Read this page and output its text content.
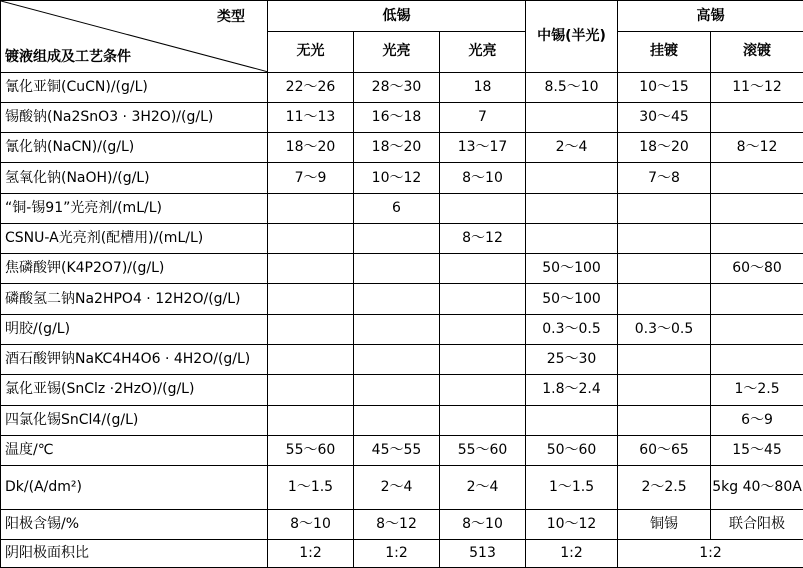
类型
镀液组成及工艺条件	低锡			中锡(半光)	高锡	
	无光	光亮	光亮		挂镀	滚镀
氰化亚铜(CuCN)/(g/L)	22～26	28～30	18	8.5～10	10～15	11～12
锡酸钠(Na2SnO3 · 3H2O)/(g/L)	11～13	16～18	7		30～45	
氰化钠(NaCN)/(g/L)	18～20	18～20	13～17	2～4	18～20	8～12
氢氧化钠(NaOH)/(g/L)	7～9	10～12	8～10		7～8	
“铜-锡91”光亮剂/(mL/L)		6				
CSNU-A光亮剂(配槽用)/(mL/L)			8～12			
焦磷酸钾(K4P2O7)/(g/L)				50～100		60～80
磷酸氢二钠Na2HPO4 · 12H2O/(g/L)				50～100		
明胶/(g/L)				0.3～0.5	0.3～0.5	
酒石酸钾钠NaKC4H4O6 · 4H2O/(g/L)				25～30		
氯化亚锡(SnClz ·2HzO)/(g/L)				1.8～2.4		1～2.5
四氯化锡SnCl4/(g/L)						6～9
温度/℃	55～60	45～55	55～60	50～60	60～65	15～45
Dk/(A/dm²)	1～1.5	2～4	2～4	1～1.5	2～2.5	5kg 40～80A
阳极含锡/%	8～10	8～12	8～10	10～12	铜锡	联合阳极
阴阳极面积比	1:2	1:2	513	1:2	1:2	
